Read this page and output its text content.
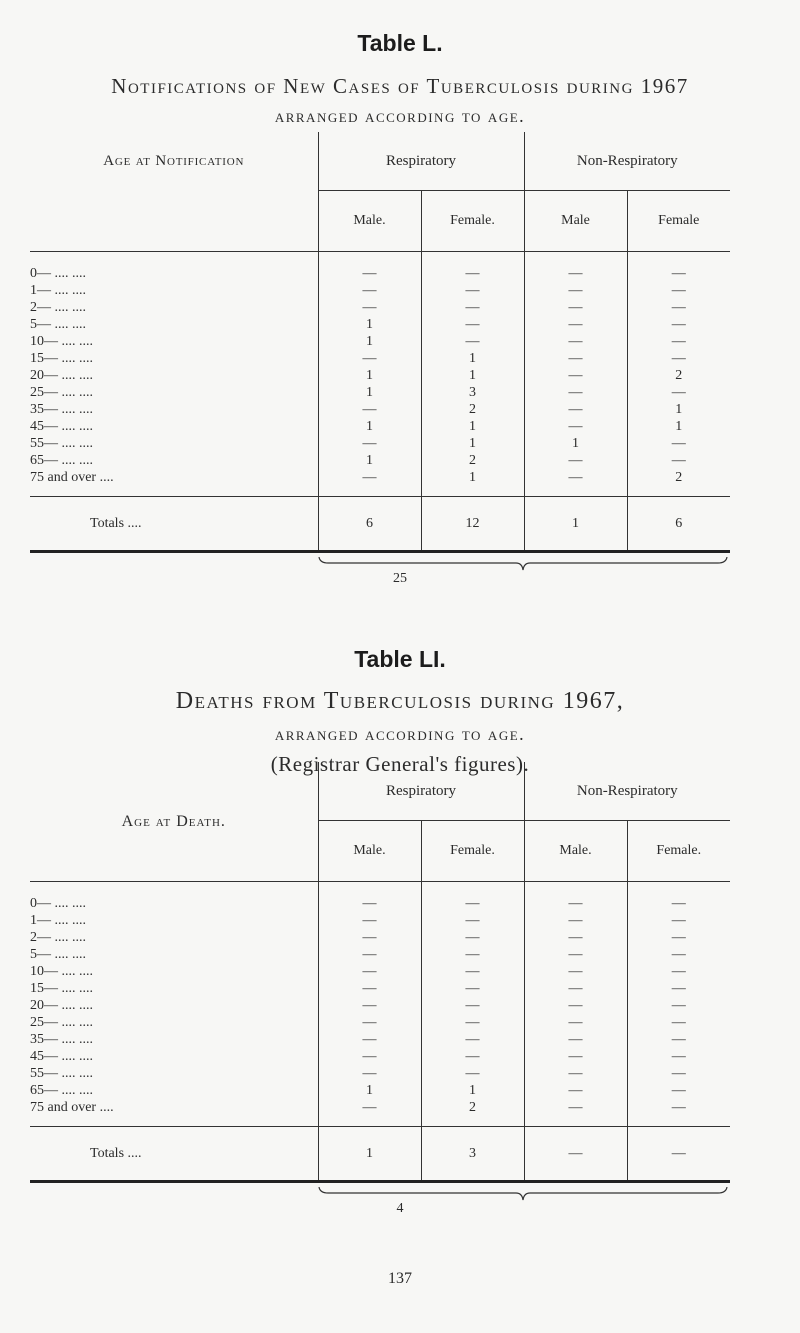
Table L.
Notifications of New Cases of Tuberculosis during 1967
arranged according to age.
Age at Notification	Respiratory		Non-Respiratory	
	Male.	Female.	Male	Female
0— .... ....	—	—	—	—
1— .... ....	—	—	—	—
2— .... ....	—	—	—	—
5— .... ....	1	—	—	—
10— .... ....	1	—	—	—
15— .... ....	—	1	—	—
20— .... ....	1	1	—	2
25— .... ....	1	3	—	—
35— .... ....	—	2	—	1
45— .... ....	1	1	—	1
55— .... ....	—	1	1	—
65— .... ....	1	2	—	—
75 and over ....	—	1	—	2
Totals ....	6	12	1	6
25
Table LI.
Deaths from Tuberculosis during 1967,
arranged according to age.
(Registrar General's figures).
Age at Death.	Respiratory		Non-Respiratory	
	Male.	Female.	Male.	Female.
0— .... ....	—	—	—	—
1— .... ....	—	—	—	—
2— .... ....	—	—	—	—
5— .... ....	—	—	—	—
10— .... ....	—	—	—	—
15— .... ....	—	—	—	—
20— .... ....	—	—	—	—
25— .... ....	—	—	—	—
35— .... ....	—	—	—	—
45— .... ....	—	—	—	—
55— .... ....	—	—	—	—
65— .... ....	1	1	—	—
75 and over ....	—	2	—	—
Totals ....	1	3	—	—
4
137
